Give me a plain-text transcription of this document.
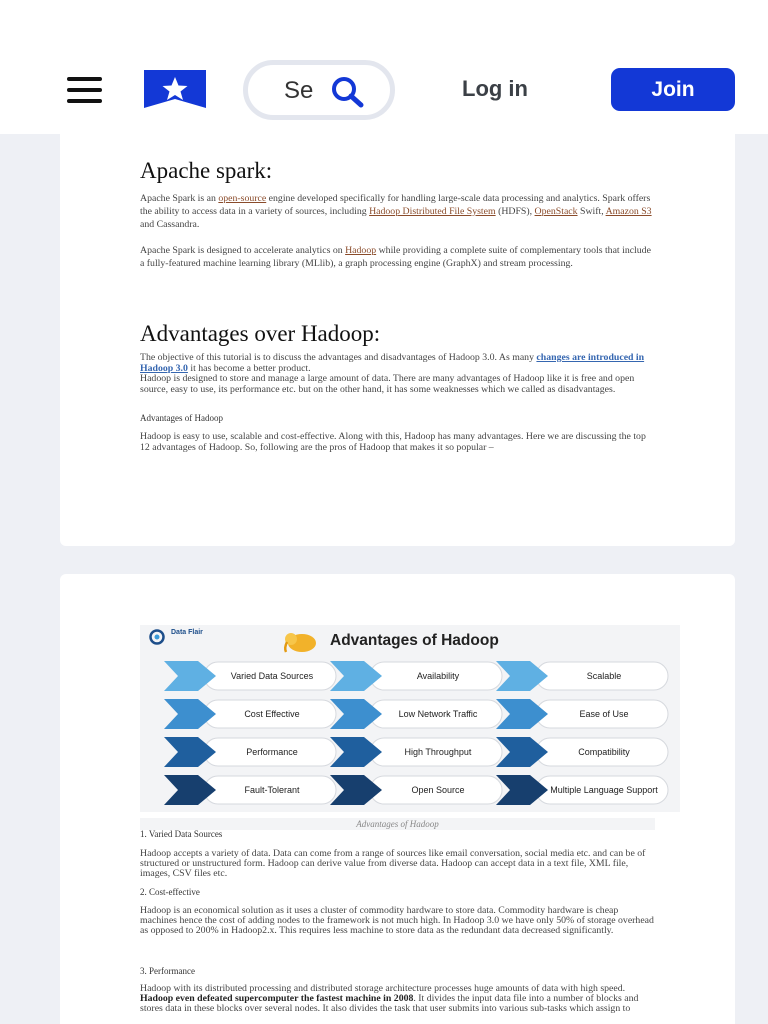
Se	Log in	Join
Apache spark:
Apache Spark is an open-source engine developed specifically for handling large-scale data processing and analytics. Spark offers the ability to access data in a variety of sources, including Hadoop Distributed File System (HDFS), OpenStack Swift, Amazon S3 and Cassandra.
Apache Spark is designed to accelerate analytics on Hadoop while providing a complete suite of complementary tools that include a fully-featured machine learning library (MLlib), a graph processing engine (GraphX) and stream processing.
Advantages over Hadoop:
The objective of this tutorial is to discuss the advantages and disadvantages of Hadoop 3.0. As many changes are introduced in Hadoop 3.0 it has become a better product.
Hadoop is designed to store and manage a large amount of data. There are many advantages of Hadoop like it is free and open source, easy to use, its performance etc. but on the other hand, it has some weaknesses which we called as disadvantages.
Advantages of Hadoop
Hadoop is easy to use, scalable and cost-effective. Along with this, Hadoop has many advantages. Here we are discussing the top 12 advantages of Hadoop. So, following are the pros of Hadoop that makes it so popular –
Data Flair	Advantages of Hadoop
Varied Data Sources	Availability	Scalable
Cost Effective	Low Network Traffic	Ease of Use
Performance	High Throughput	Compatibility
Fault-Tolerant	Open Source	Multiple Language Support
Advantages of Hadoop
1. Varied Data Sources
Hadoop accepts a variety of data. Data can come from a range of sources like email conversation, social media etc. and can be of structured or unstructured form. Hadoop can derive value from diverse data. Hadoop can accept data in a text file, XML file, images, CSV files etc.
2. Cost-effective
Hadoop is an economical solution as it uses a cluster of commodity hardware to store data. Commodity hardware is cheap machines hence the cost of adding nodes to the framework is not much high. In Hadoop 3.0 we have only 50% of storage overhead as opposed to 200% in Hadoop2.x. This requires less machine to store data as the redundant data decreased significantly.
3. Performance
Hadoop with its distributed processing and distributed storage architecture processes huge amounts of data with high speed. Hadoop even defeated supercomputer the fastest machine in 2008. It divides the input data file into a number of blocks and stores data in these blocks over several nodes. It also divides the task that user submits into various sub-tasks which assign to
